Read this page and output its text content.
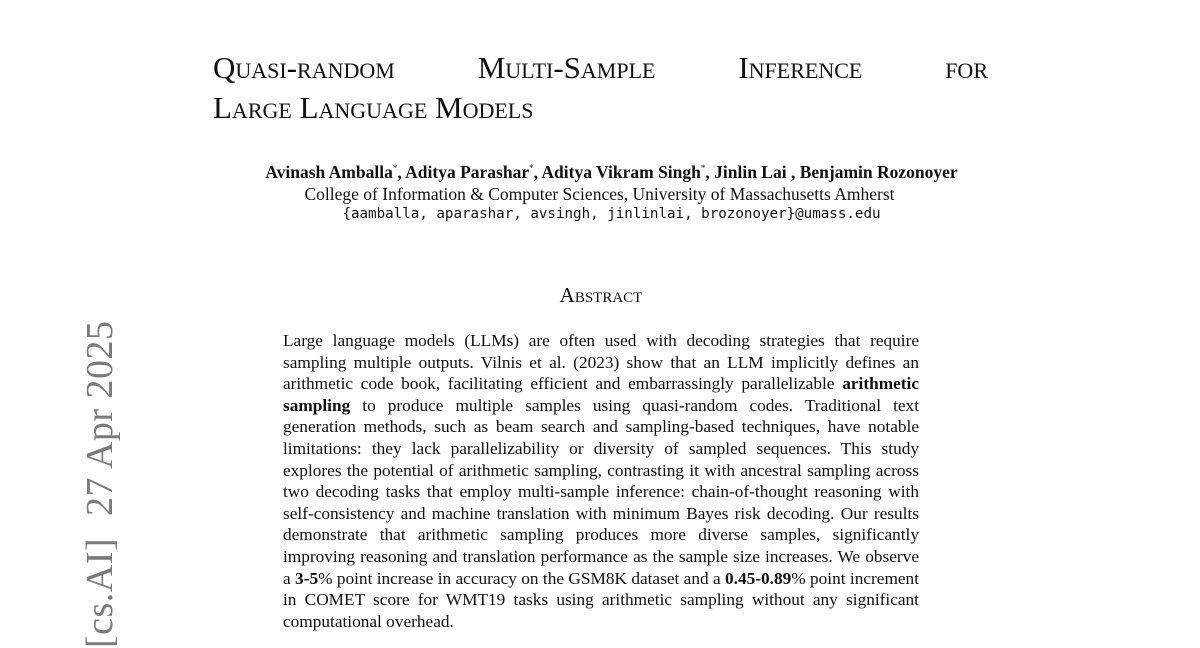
[cs.AI]27 Apr 2025
Quasi-random Multi-Sample Inference for
Large Language Models
Avinash Amballa*, Aditya Parashar*, Aditya Vikram Singh*, Jinlin Lai , Benjamin Rozonoyer
College of Information & Computer Sciences, University of Massachusetts Amherst
{aamballa, aparashar, avsingh, jinlinlai, brozonoyer}@umass.edu
Abstract
Large language models (LLMs) are often used with decoding strategies that require sampling multiple outputs. Vilnis et al. (2023) show that an LLM implicitly defines an arithmetic code book, facilitating efficient and embarrassingly parallelizable arithmetic sampling to produce multiple samples using quasi-random codes. Traditional text generation methods, such as beam search and sampling-based techniques, have notable limitations: they lack parallelizability or diversity of sampled sequences. This study explores the potential of arithmetic sampling, contrasting it with ancestral sampling across two decoding tasks that employ multi-sample inference: chain-of-thought reasoning with self-consistency and machine translation with minimum Bayes risk decoding. Our results demonstrate that arithmetic sampling produces more diverse samples, significantly improving reasoning and translation performance as the sample size increases. We observe a 3-5% point increase in accuracy on the GSM8K dataset and a 0.45-0.89% point increment in COMET score for WMT19 tasks using arithmetic sampling without any significant computational overhead.
